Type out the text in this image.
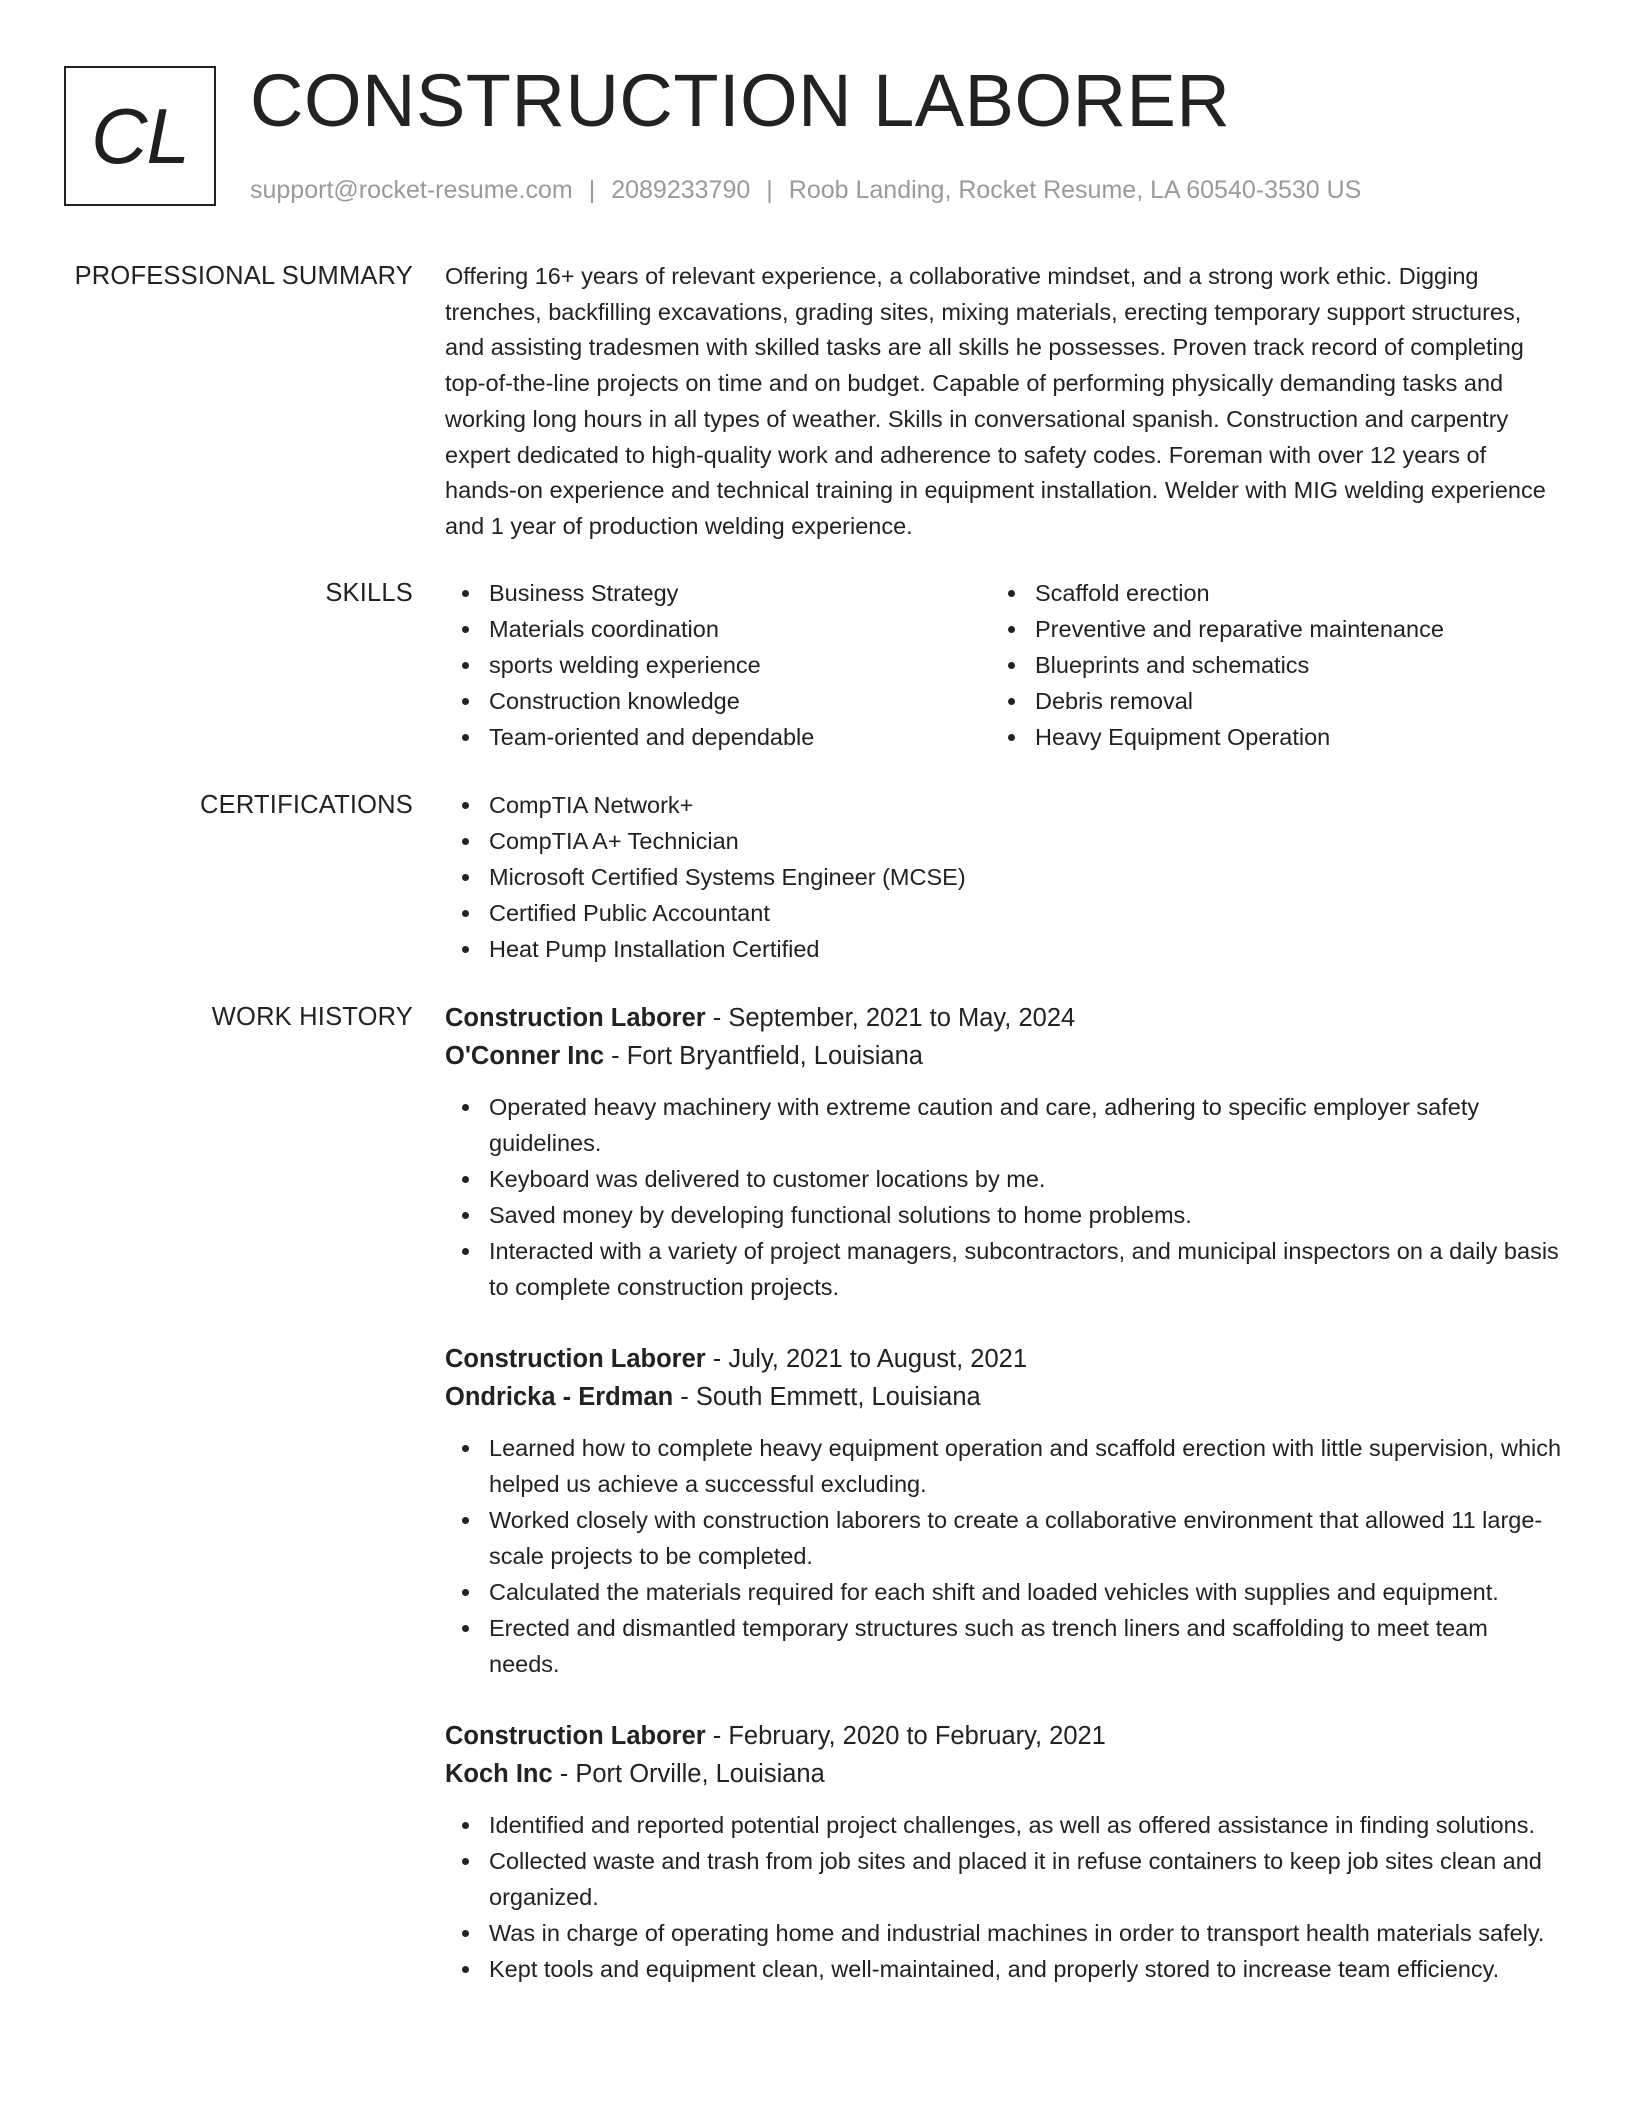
CL CONSTRUCTION LABORER
support@rocket-resume.com | 2089233790 | Roob Landing, Rocket Resume, LA 60540-3530 US
PROFESSIONAL SUMMARY Offering 16+ years of relevant experience, a collaborative mindset, and a strong work ethic. Digging trenches, backfilling excavations, grading sites, mixing materials, erecting temporary support structures, and assisting tradesmen with skilled tasks are all skills he possesses. Proven track record of completing top-of-the-line projects on time and on budget. Capable of performing physically demanding tasks and working long hours in all types of weather. Skills in conversational spanish. Construction and carpentry expert dedicated to high-quality work and adherence to safety codes. Foreman with over 12 years of hands-on experience and technical training in equipment installation. Welder with MIG welding experience and 1 year of production welding experience.

SKILLS	Business Strategy
Materials coordination
sports welding experience
Construction knowledge
Team-oriented and dependable
Scaffold erection
Preventive and reparative maintenance
Blueprints and schematics
Debris removal
Heavy Equipment Operation
CERTIFICATIONS	CompTIA Network+
CompTIA A+ Technician
Microsoft Certified Systems Engineer (MCSE)
Certified Public Accountant
Heat Pump Installation Certified
WORK HISTORY Construction Laborer - September, 2021 to May, 2024
O'Conner Inc - Fort Bryantfield, Louisiana
Operated heavy machinery with extreme caution and care, adhering to specific employer safety guidelines.
Keyboard was delivered to customer locations by me.
Saved money by developing functional solutions to home problems.
Interacted with a variety of project managers, subcontractors, and municipal inspectors on a daily basis to complete construction projects.
Construction Laborer - July, 2021 to August, 2021
Ondricka - Erdman - South Emmett, Louisiana
Learned how to complete heavy equipment operation and scaffold erection with little supervision, which helped us achieve a successful excluding.
Worked closely with construction laborers to create a collaborative environment that allowed 11 large-scale projects to be completed.
Calculated the materials required for each shift and loaded vehicles with supplies and equipment.
Erected and dismantled temporary structures such as trench liners and scaffolding to meet team needs.
Construction Laborer - February, 2020 to February, 2021
Koch Inc - Port Orville, Louisiana
Identified and reported potential project challenges, as well as offered assistance in finding solutions.
Collected waste and trash from job sites and placed it in refuse containers to keep job sites clean and organized.
Was in charge of operating home and industrial machines in order to transport health materials safely.
Kept tools and equipment clean, well-maintained, and properly stored to increase team efficiency.
